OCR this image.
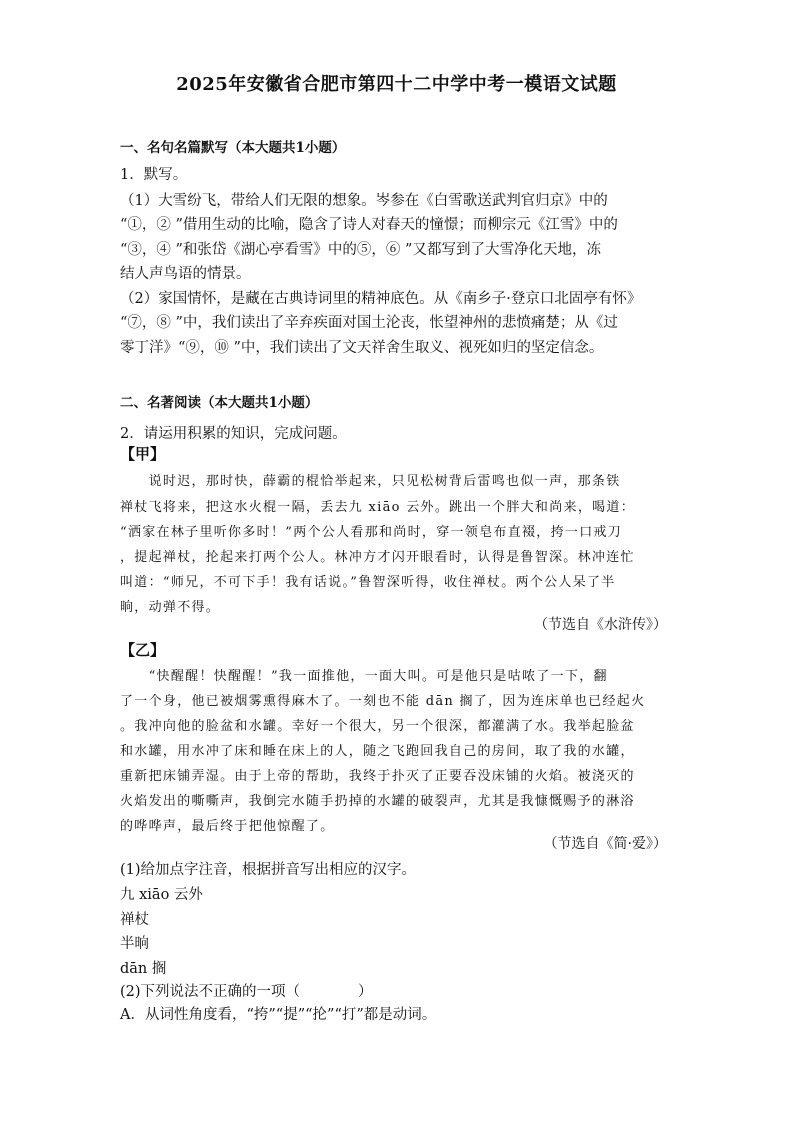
2025年安徽省合肥市第四十二中学中考一模语文试题
一、名句名篇默写（本大题共1小题）
1．默写。
（1）大雪纷飞，带给人们无限的想象。岑参在《白雪歌送武判官归京》中的
“①，② ”借用生动的比喻，隐含了诗人对春天的憧憬；而柳宗元《江雪》中的
“③，④ ”和张岱《湖心亭看雪》中的⑤，⑥ ”又都写到了大雪净化天地，冻
结人声鸟语的情景。
（2）家国情怀，是藏在古典诗词里的精神底色。从《南乡子·登京口北固亭有怀》
“⑦，⑧ ”中，我们读出了辛弃疾面对国土沦丧，怅望神州的悲愤痛楚；从《过
零丁洋》“⑨，⑩ ”中，我们读出了文天祥舍生取义、视死如归的坚定信念。
二、名著阅读（本大题共1小题）
2．请运用积累的知识，完成问题。
【甲】
　　说时迟，那时快，薛霸的棍恰举起来，只见松树背后雷鸣也似一声，那条铁
禅杖飞将来，把这水火棍一隔，丢去九 xiāo 云外。跳出一个胖大和尚来，喝道：
“洒家在林子里听你多时！”两个公人看那和尚时，穿一领皂布直裰，挎一口戒刀
，提起禅杖，抡起来打两个公人。林冲方才闪开眼看时，认得是鲁智深。林冲连忙
叫道：“师兄，不可下手！我有话说。”鲁智深听得，收住禅杖。两个公人呆了半
晌，动弹不得。
（节选自《水浒传》）
【乙】
　　“快醒醒！快醒醒！”我一面推他，一面大叫。可是他只是咕哝了一下，翻
了一个身，他已被烟雾熏得麻木了。一刻也不能 dān 搁了，因为连床单也已经起火
。我冲向他的脸盆和水罐。幸好一个很大，另一个很深，都灌满了水。我举起脸盆
和水罐，用水冲了床和睡在床上的人，随之飞跑回我自己的房间，取了我的水罐，
重新把床铺弄湿。由于上帝的帮助，我终于扑灭了正要吞没床铺的火焰。被浇灭的
火焰发出的嘶嘶声，我倒完水随手扔掉的水罐的破裂声，尤其是我慷慨赐予的淋浴
的哗哗声，最后终于把他惊醒了。
（节选自《简·爱》）
(1)给加点字注音，根据拼音写出相应的汉字。
九 xiāo 云外
禅杖
半晌
dān 搁
(2)下列说法不正确的一项（　　　　）
A．从词性角度看，“挎”“提”“抡”“打”都是动词。
